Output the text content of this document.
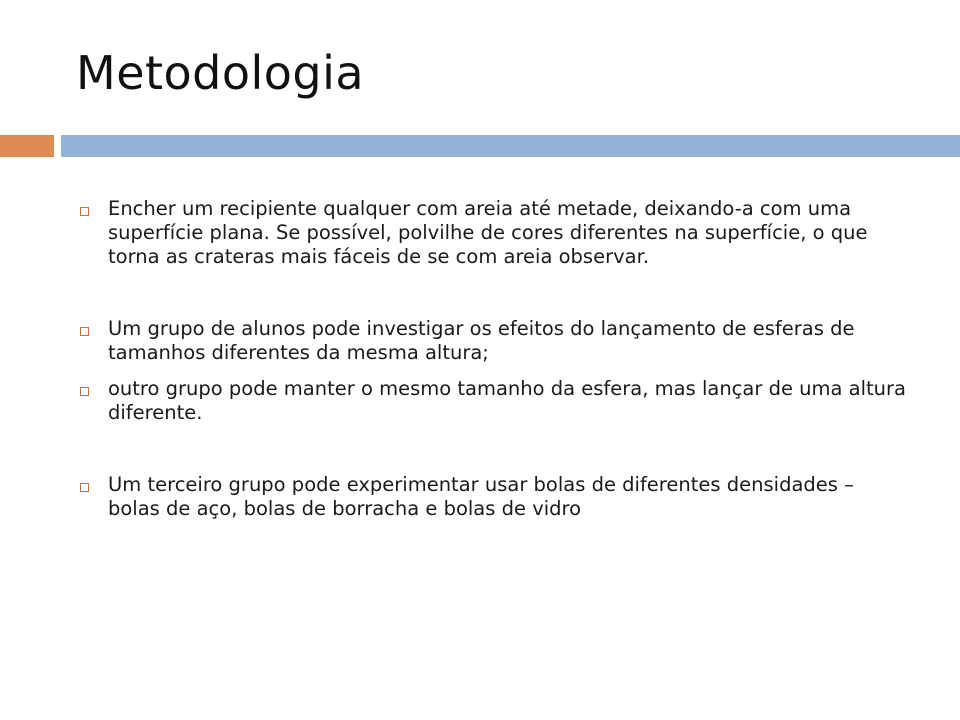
Metodologia
Encher um recipiente qualquer com areia até metade, deixando-a com uma superfície plana. Se possível, polvilhe de cores diferentes na superfície, o que torna as crateras mais fáceis de se com areia observar.
Um grupo de alunos pode investigar os efeitos do lançamento de esferas de tamanhos diferentes da mesma altura;
outro grupo pode manter o mesmo tamanho da esfera, mas lançar de uma altura diferente.
Um terceiro grupo pode experimentar usar bolas de diferentes densidades – bolas de aço, bolas de borracha e bolas de vidro
